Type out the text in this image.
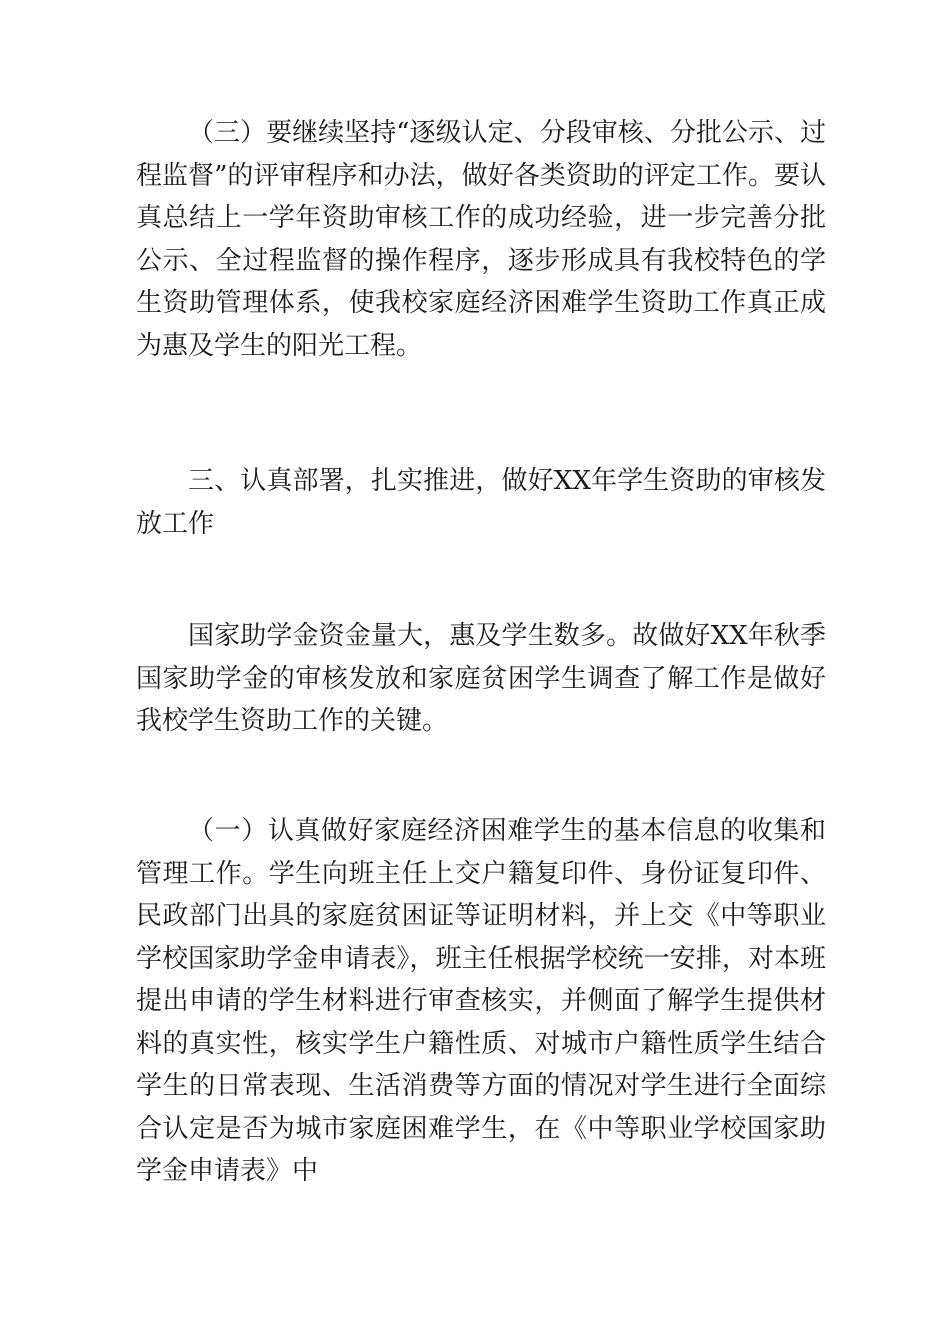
（三）要继续坚持“逐级认定、分段审核、分批公示、过程监督”的评审程序和办法，做好各类资助的评定工作。要认真总结上一学年资助审核工作的成功经验，进一步完善分批公示、全过程监督的操作程序，逐步形成具有我校特色的学生资助管理体系，使我校家庭经济困难学生资助工作真正成为惠及学生的阳光工程。

三、认真部署，扎实推进，做好XX年学生资助的审核发放工作

国家助学金资金量大，惠及学生数多。故做好XX年秋季国家助学金的审核发放和家庭贫困学生调查了解工作是做好我校学生资助工作的关键。

（一）认真做好家庭经济困难学生的基本信息的收集和管理工作。学生向班主任上交户籍复印件、身份证复印件、民政部门出具的家庭贫困证等证明材料，并上交《中等职业学校国家助学金申请表》，班主任根据学校统一安排，对本班提出申请的学生材料进行审查核实，并侧面了解学生提供材料的真实性，核实学生户籍性质、对城市户籍性质学生结合学生的日常表现、生活消费等方面的情况对学生进行全面综合认定是否为城市家庭困难学生，在《中等职业学校国家助学金申请表》中
